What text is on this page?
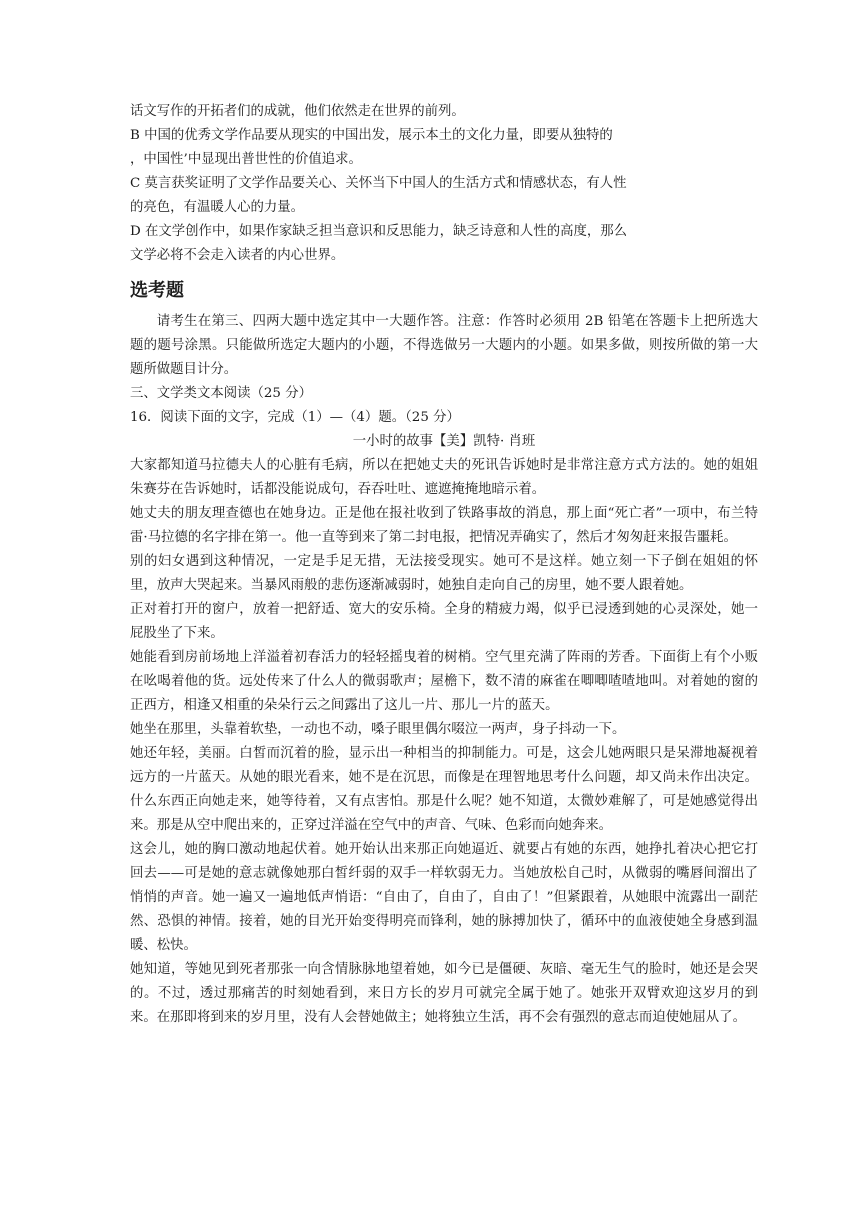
话文写作的开拓者们的成就，他们依然走在世界的前列。

B 中国的优秀文学作品要从现实的中国出发，展示本土的文化力量，即要从独特的

，中国性’中显现出普世性的价值追求。

C 莫言获奖证明了文学作品要关心、关怀当下中国人的生活方式和情感状态，有人性

的亮色，有温暖人心的力量。

D 在文学创作中，如果作家缺乏担当意识和反思能力，缺乏诗意和人性的高度，那么

文学必将不会走入读者的内心世界。

选考题

请考生在第三、四两大题中选定其中一大题作答。注意：作答时必须用 2B 铅笔在答题卡上把所选大题的题号涂黑。只能做所选定大题内的小题，不得选做另一大题内的小题。如果多做，则按所做的第一大题所做题目计分。

三、文学类文本阅读（25 分）

16．阅读下面的文字，完成（1）—（4）题。（25 分）

一小时的故事【美】凯特· 肖班

大家都知道马拉德夫人的心脏有毛病，所以在把她丈夫的死讯告诉她时是非常注意方式方法的。她的姐姐朱赛芬在告诉她时，话都没能说成句，吞吞吐吐、遮遮掩掩地暗示着。

她丈夫的朋友理查德也在她身边。正是他在报社收到了铁路事故的消息，那上面“死亡者”一项中，布兰特雷·马拉德的名字排在第一。他一直等到来了第二封电报，把情况弄确实了，然后才匆匆赶来报告噩耗。

别的妇女遇到这种情况，一定是手足无措，无法接受现实。她可不是这样。她立刻一下子倒在姐姐的怀里，放声大哭起来。当暴风雨般的悲伤逐渐减弱时，她独自走向自己的房里，她不要人跟着她。

正对着打开的窗户，放着一把舒适、宽大的安乐椅。全身的精疲力竭，似乎已浸透到她的心灵深处，她一屁股坐了下来。

她能看到房前场地上洋溢着初春活力的轻轻摇曳着的树梢。空气里充满了阵雨的芳香。下面街上有个小贩在吆喝着他的货。远处传来了什么人的微弱歌声；屋檐下，数不清的麻雀在唧唧喳喳地叫。对着她的窗的正西方，相逢又相重的朵朵行云之间露出了这儿一片、那儿一片的蓝天。

她坐在那里，头靠着软垫，一动也不动，嗓子眼里偶尔啜泣一两声，身子抖动一下。

她还年轻，美丽。白皙而沉着的脸，显示出一种相当的抑制能力。可是，这会儿她两眼只是呆滞地凝视着远方的一片蓝天。从她的眼光看来，她不是在沉思，而像是在理智地思考什么问题，却又尚未作出决定。什么东西正向她走来，她等待着，又有点害怕。那是什么呢？她不知道，太微妙难解了，可是她感觉得出来。那是从空中爬出来的，正穿过洋溢在空气中的声音、气味、色彩而向她奔来。

这会儿，她的胸口激动地起伏着。她开始认出来那正向她逼近、就要占有她的东西，她挣扎着决心把它打回去——可是她的意志就像她那白皙纤弱的双手一样软弱无力。当她放松自己时，从微弱的嘴唇间溜出了悄悄的声音。她一遍又一遍地低声悄语：“自由了，自由了，自由了！”但紧跟着，从她眼中流露出一副茫然、恐惧的神情。接着，她的目光开始变得明亮而锋利，她的脉搏加快了，循环中的血液使她全身感到温暖、松快。

她知道，等她见到死者那张一向含情脉脉地望着她，如今已是僵硬、灰暗、毫无生气的脸时，她还是会哭的。不过，透过那痛苦的时刻她看到，来日方长的岁月可就完全属于她了。她张开双臂欢迎这岁月的到来。在那即将到来的岁月里，没有人会替她做主；她将独立生活，再不会有强烈的意志而迫使她屈从了。
